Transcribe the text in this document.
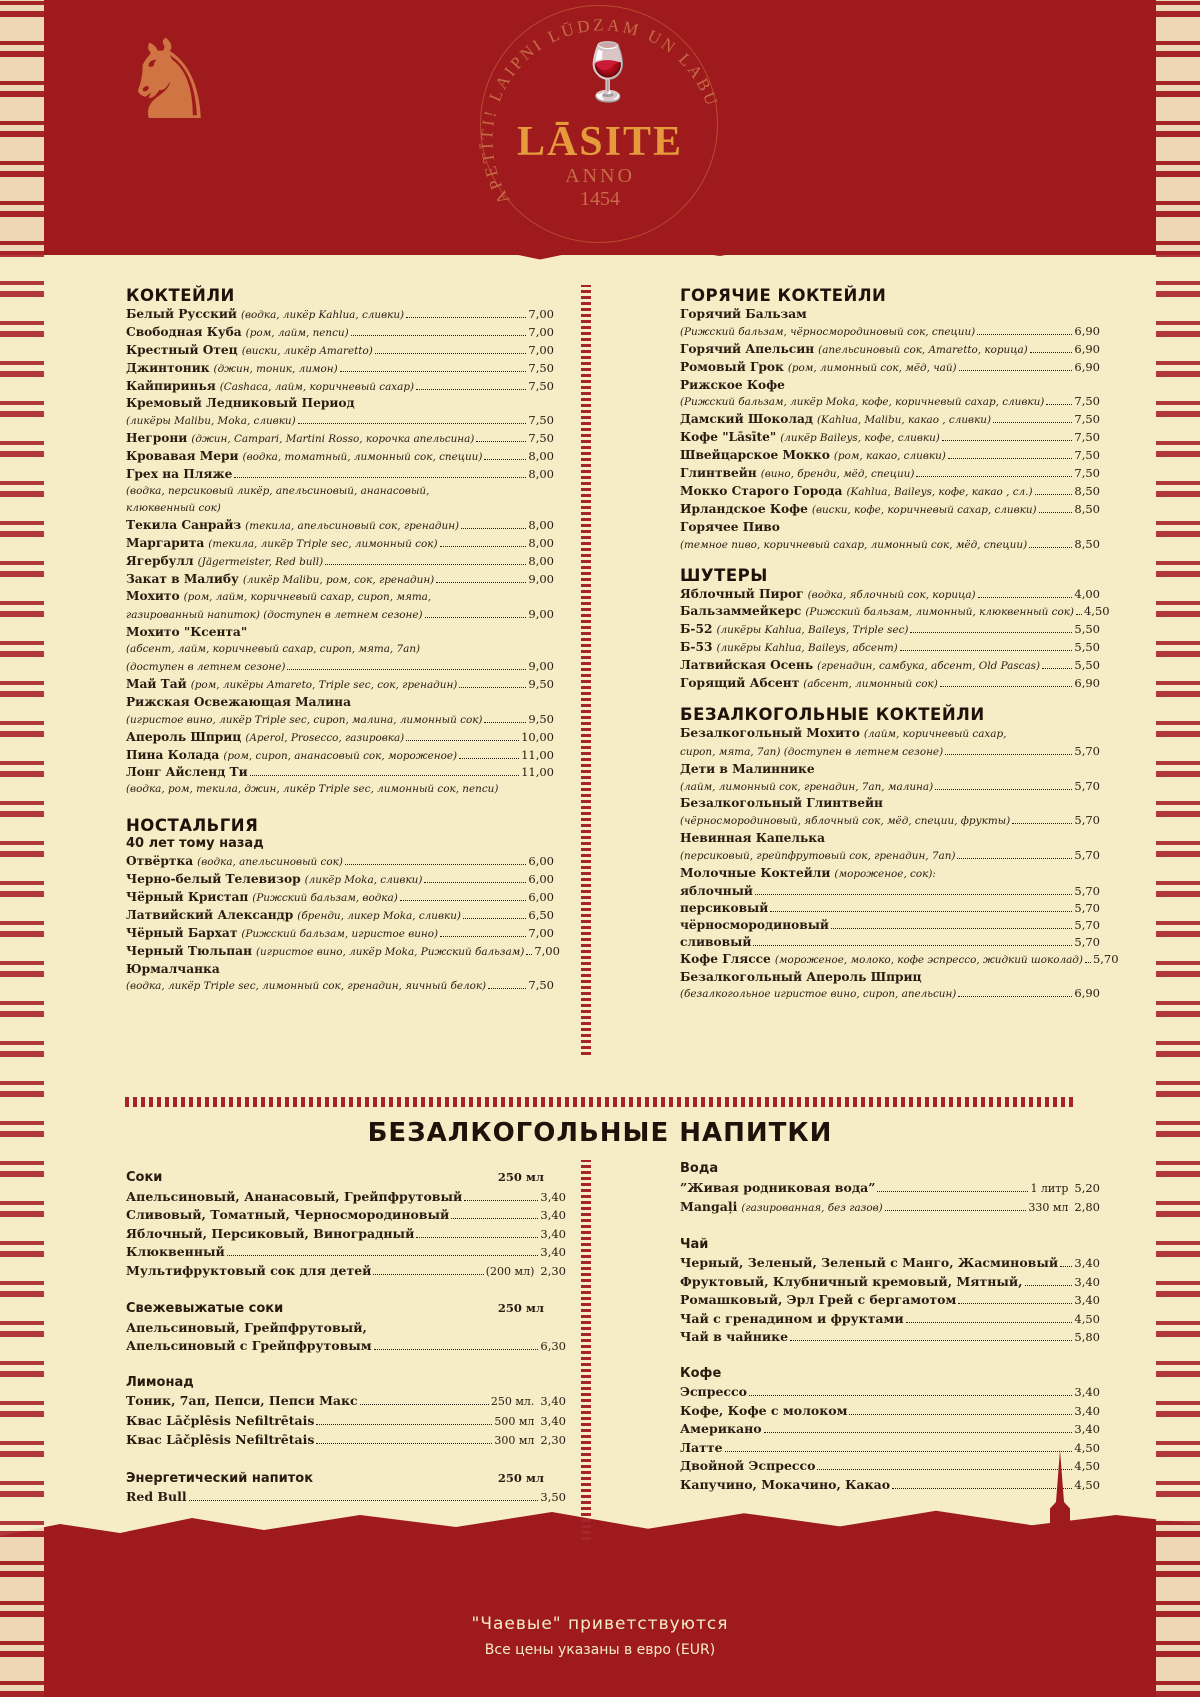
♞
APETĪTI! LAIPNI LŪDZAM UN LABU
🍷
LĀSITE
ANNO
1454
КОКТЕЙЛИ
Белый Русский (водка, ликёр Kahlua, сливки)	7,00
Свободная Куба (ром, лайм, пепси)	7,00
Крестный Отец (виски, ликёр Amaretto)	7,00
Джинтоник (джин, тоник, лимон)	7,50
Кайпиринья (Cashaca, лайм, коричневый сахар)	7,50
Кремовый Ледниковый Период
(ликёры Malibu, Moka, сливки)	7,50
Негрони (джин, Campari, Martini Rosso, корочка апельсина)	7,50
Кровавая Мери (водка, томатный, лимонный сок, специи)	8,00
Грех на Пляже	8,00
(водка, персиковый ликёр, апельсиновый, ананасовый,
клюквенный сок)
Текила Санрайз (текила, апельсиновый сок, гренадин)	8,00
Маргарита (текила, ликёр Triple sec, лимонный сок)	8,00
Ягербулл (Jägermeister, Red bull)	8,00
Закат в Малибу (ликёр Malibu, ром, сок, гренадин)	9,00
Мохито (ром, лайм, коричневый сахар, сироп, мята,
газированный напиток) (доступен в летнем сезоне)	9,00
Мохито "Ксента"
(абсент, лайм, коричневый сахар, сироп, мята, 7ап)
(доступен в летнем сезоне)	9,00
Май Тай (ром, ликёры Amareto, Triple sec, сок, гренадин)	9,50
Рижская Освежающая Малина
(игристое вино, ликёр Triple sec, сироп, малина, лимонный сок)	9,50
Апероль Шприц (Aperol, Prosecco, газировка)	10,00
Пина Колада (ром, сироп, ананасовый сок, мороженое)	11,00
Лонг Айсленд Ти	11,00
(водка, ром, текила, джин, ликёр Triple sec, лимонный сок, пепси)
НОСТАЛЬГИЯ
40 лет тому назад
Отвёртка (водка, апельсиновый сок)	6,00
Черно-белый Телевизор (ликёр Moka, сливки)	6,00
Чёрный Кристап (Рижский бальзам, водка)	6,00
Латвийский Александр (бренди, ликер Moka, сливки)	6,50
Чёрный Бархат (Рижский бальзам, игристое вино)	7,00
Черный Тюльпан (игристое вино, ликёр Moka, Рижский бальзам) 7,00
Юрмалчанка
(водка, ликёр Triple sec, лимонный сок, гренадин, яичный белок)	7,50
ГОРЯЧИЕ КОКТЕЙЛИ
Горячий Бальзам
(Рижский бальзам, чёрносмородиновый сок, специи)	6,90
Горячий Апельсин (апельсиновый сок, Amaretto, корица)	6,90
Ромовый Грок (ром, лимонный сок, мёд, чай)	6,90
Рижское Кофе
(Рижский бальзам, ликёр Moka, кофе, коричневый сахар, сливки)	7,50
Дамский Шоколад (Kahlua, Malibu, какао , сливки)	7,50
Кофе "Lāsīte" (ликёр Baileys, кофе, сливки)	7,50
Швейцарское Мокко (ром, какао, сливки)	7,50
Глинтвейн (вино, бренди, мёд, специи)	7,50
Мокко Старого Города (Kahlua, Baileys, кофе, какао , сл.)	8,50
Ирландское Кофе (виски, кофе, коричневый сахар, сливки)	8,50
Горячее Пиво
(темное пиво, коричневый сахар, лимонный сок, мёд, специи)	8,50
ШУТЕРЫ
Яблочный Пирог (водка, яблочный сок, корица)	4,00
Бальзаммейкерс (Рижский бальзам, лимонный, клюквенный сок) 4,50
Б-52 (ликёры Kahlua, Baileys, Triple sec)	5,50
Б-53 (ликёры Kahlua, Baileys, абсент)	5,50
Латвийская Осень (гренадин, самбука, абсент, Old Pascas)	5,50
Горящий Абсент (абсент, лимонный сок)	6,90
БЕЗАЛКОГОЛЬНЫЕ КОКТЕЙЛИ
Безалкогольный Мохито (лайм, коричневый сахар,
сироп, мята, 7ап) (доступен в летнем сезоне)	5,70
Дети в Малиннике
(лайм, лимонный сок, гренадин, 7ап, малина)	5,70
Безалкогольный Глинтвейн
(чёрносмородиновый, яблочный сок, мёд, специи, фрукты)	5,70
Невинная Капелька
(персиковый, грейпфрутовый сок, гренадин, 7ап)	5,70
Молочные Коктейли (мороженое, сок):
яблочный	5,70
персиковый	5,70
чёрносмородиновый	5,70
сливовый	5,70
Кофе Гляссе (мороженое, молоко, кофе эспрессо, жидкий шоколад) 5,70
Безалкогольный Апероль Шприц
(безалкогольное игристое вино, сироп, апельсин)	6,90
БЕЗАЛКОГОЛЬНЫЕ НАПИТКИ
Соки	250 мл
Апельсиновый, Ананасовый, Грейпфрутовый	3,40
Сливовый, Томатный, Черносмородиновый	3,40
Яблочный, Персиковый, Виноградный	3,40
Клюквенный	3,40
Мультифруктовый сок для детей	(200 мл) 2,30
Свежевыжатые соки	250 мл
Апельсиновый, Грейпфрутовый,
Апельсиновый с Грейпфрутовым	6,30
Лимонад
Тоник, 7ап, Пепси, Пепси Макс	250 мл. 3,40
Квас Lāčplēsis Nefiltrētais	500 мл 3,40
Квас Lāčplēsis Nefiltrētais	300 мл 2,30
Энергетический напиток	250 мл
Red Bull	3,50
Вода
”Живая родниковая вода”	1 литр 5,20
Mangaļi (газированная, без газов)	330 мл 2,80
Чай
Черный, Зеленый, Зеленый с Манго, Жасминовый 3,40
Фруктовый, Клубничный кремовый, Мятный,	3,40
Ромашковый, Эрл Грей с бергамотом	3,40
Чай с гренадином и фруктами	4,50
Чай в чайнике	5,80
Кофе
Эспрессо	3,40
Кофе, Кофе с молоком	3,40
Американо	3,40
Латте	4,50
Двойной Эспрессо	4,50
Капучино, Мокачино, Какао	4,50
"Чаевые" приветствуются
Все цены указаны в евро (EUR)
